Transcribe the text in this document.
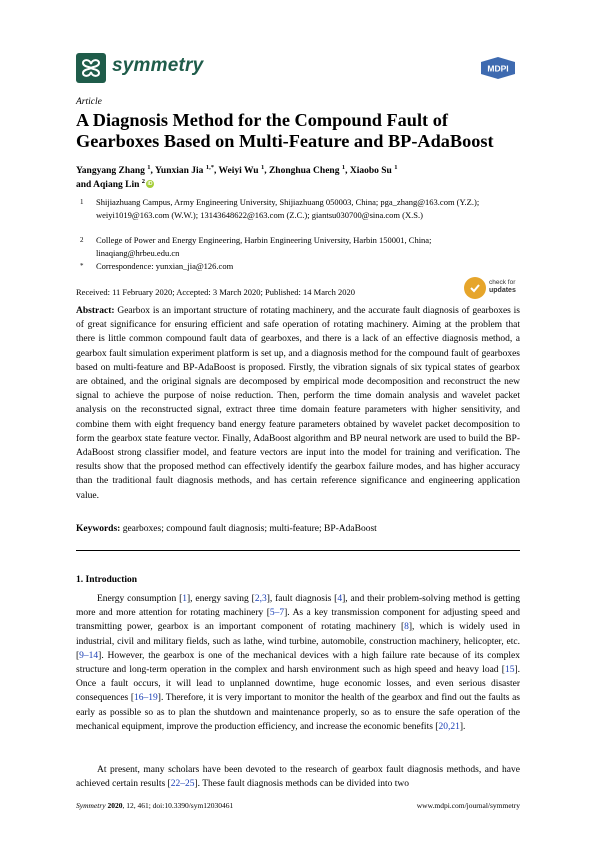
symmetry	MDPI
Article
A Diagnosis Method for the Compound Fault of Gearboxes Based on Multi-Feature and BP-AdaBoost
Yangyang Zhang $^1$, Yunxian Jia $^{1,*}$, Weiyi Wu $^1$, Zhonghua Cheng $^1$, Xiaobo Su $^1$
and Aqiang Lin $^2$ iD
1	Shijiazhuang Campus, Army Engineering University, Shijiazhuang 050003, China; pga_zhang@163.com (Y.Z.); weiyi1019@163.com (W.W.); 13143648622@163.com (Z.C.); giantsu030700@sina.com (X.S.)
2	College of Power and Energy Engineering, Harbin Engineering University, Harbin 150001, China; linaqiang@hrbeu.edu.cn
*	Correspondence: yunxian_jia@126.com
check for
updates
Received: 11 February 2020; Accepted: 3 March 2020; Published: 14 March 2020
Abstract: Gearbox is an important structure of rotating machinery, and the accurate fault diagnosis of gearboxes is of great significance for ensuring efficient and safe operation of rotating machinery. Aiming at the problem that there is little common compound fault data of gearboxes, and there is a lack of an effective diagnosis method, a gearbox fault simulation experiment platform is set up, and a diagnosis method for the compound fault of gearboxes based on multi-feature and BP-AdaBoost is proposed. Firstly, the vibration signals of six typical states of gearbox are obtained, and the original signals are decomposed by empirical mode decomposition and reconstruct the new signal to achieve the purpose of noise reduction. Then, perform the time domain analysis and wavelet packet analysis on the reconstructed signal, extract three time domain feature parameters with higher sensitivity, and combine them with eight frequency band energy feature parameters obtained by wavelet packet decomposition to form the gearbox state feature vector. Finally, AdaBoost algorithm and BP neural network are used to build the BP-AdaBoost strong classifier model, and feature vectors are input into the model for training and verification. The results show that the proposed method can effectively identify the gearbox failure modes, and has higher accuracy than the traditional fault diagnosis methods, and has certain reference significance and engineering application value.
Keywords: gearboxes; compound fault diagnosis; multi-feature; BP-AdaBoost
1. Introduction
Energy consumption [1], energy saving [2,3], fault diagnosis [4], and their problem-solving method is getting more and more attention for rotating machinery [5–7]. As a key transmission component for adjusting speed and transmitting power, gearbox is an important component of rotating machinery [8], which is widely used in industrial, civil and military fields, such as lathe, wind turbine, automobile, construction machinery, helicopter, etc. [9–14]. However, the gearbox is one of the mechanical devices with a high failure rate because of its complex structure and long-term operation in the complex and harsh environment such as high speed and heavy load [15]. Once a fault occurs, it will lead to unplanned downtime, huge economic losses, and even serious disaster consequences [16–19]. Therefore, it is very important to monitor the health of the gearbox and find out the faults as early as possible so as to plan the shutdown and maintenance properly, so as to ensure the safe operation of the mechanical equipment, improve the production efficiency, and increase the economic benefits [20,21].
At present, many scholars have been devoted to the research of gearbox fault diagnosis methods, and have achieved certain results [22–25]. These fault diagnosis methods can be divided into two
Symmetry 2020, 12, 461; doi:10.3390/sym12030461	www.mdpi.com/journal/symmetry
